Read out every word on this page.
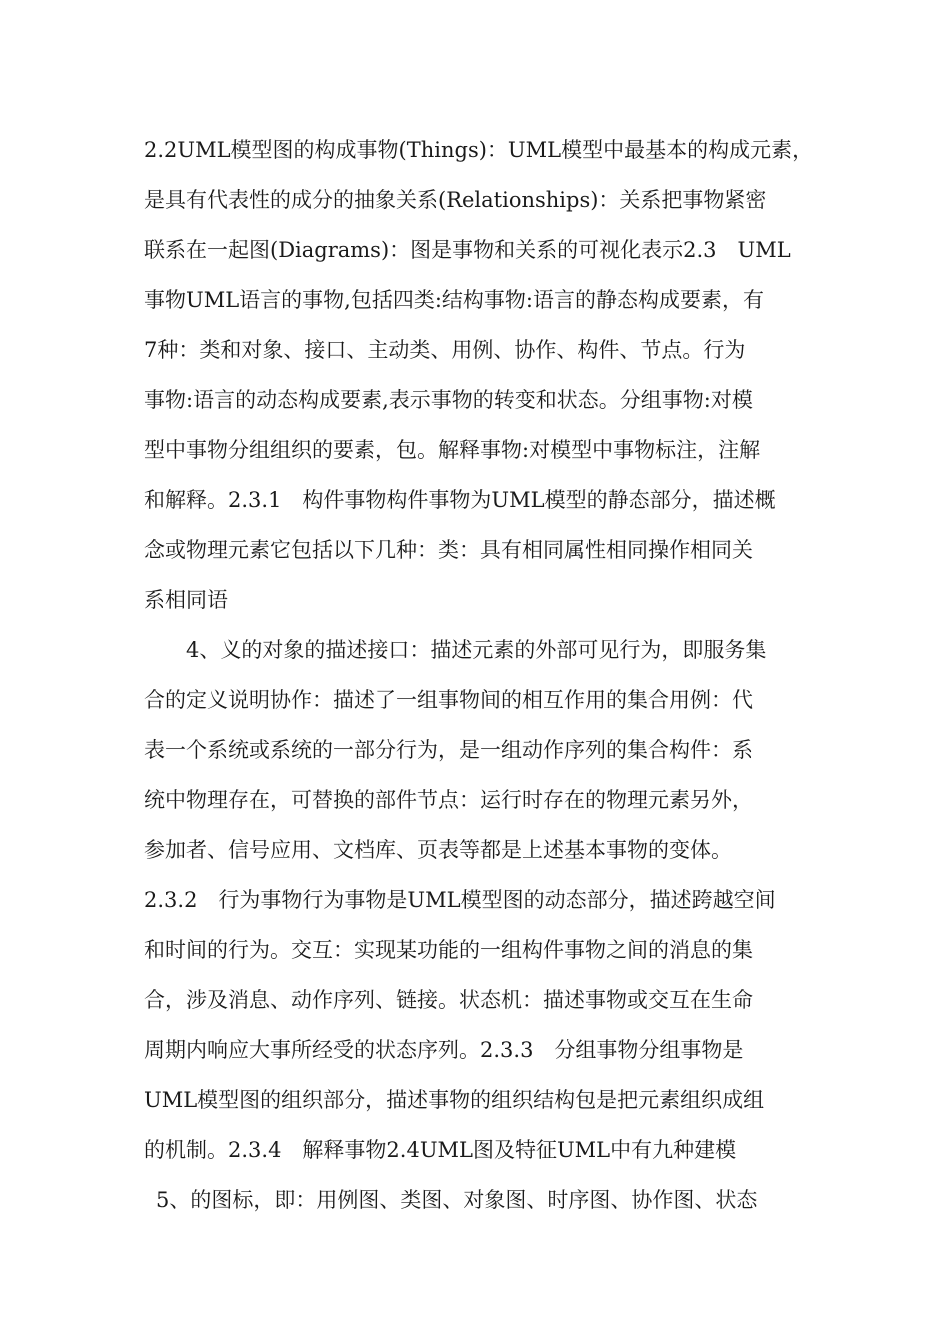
2.2UML模型图的构成事物(Things)：UML模型中最基本的构成元素，
是具有代表性的成分的抽象关系(Relationships)：关系把事物紧密
联系在一起图(Diagrams)：图是事物和关系的可视化表示2.3　UML
事物UML语言的事物,包括四类:结构事物:语言的静态构成要素，有
7种：类和对象、接口、主动类、用例、协作、构件、节点。行为
事物:语言的动态构成要素,表示事物的转变和状态。分组事物:对模
型中事物分组组织的要素，包。解释事物:对模型中事物标注，注解
和解释。2.3.1　构件事物构件事物为UML模型的静态部分，描述概
念或物理元素它包括以下几种：类：具有相同属性相同操作相同关
系相同语
4、义的对象的描述接口：描述元素的外部可见行为，即服务集
合的定义说明协作：描述了一组事物间的相互作用的集合用例：代
表一个系统或系统的一部分行为，是一组动作序列的集合构件：系
统中物理存在，可替换的部件节点：运行时存在的物理元素另外，
参加者、信号应用、文档库、页表等都是上述基本事物的变体。
2.3.2　行为事物行为事物是UML模型图的动态部分，描述跨越空间
和时间的行为。交互：实现某功能的一组构件事物之间的消息的集
合，涉及消息、动作序列、链接。状态机：描述事物或交互在生命
周期内响应大事所经受的状态序列。2.3.3　分组事物分组事物是
UML模型图的组织部分，描述事物的组织结构包是把元素组织成组
的机制。2.3.4　解释事物2.4UML图及特征UML中有九种建模
5、的图标，即：用例图、类图、对象图、时序图、协作图、状态
